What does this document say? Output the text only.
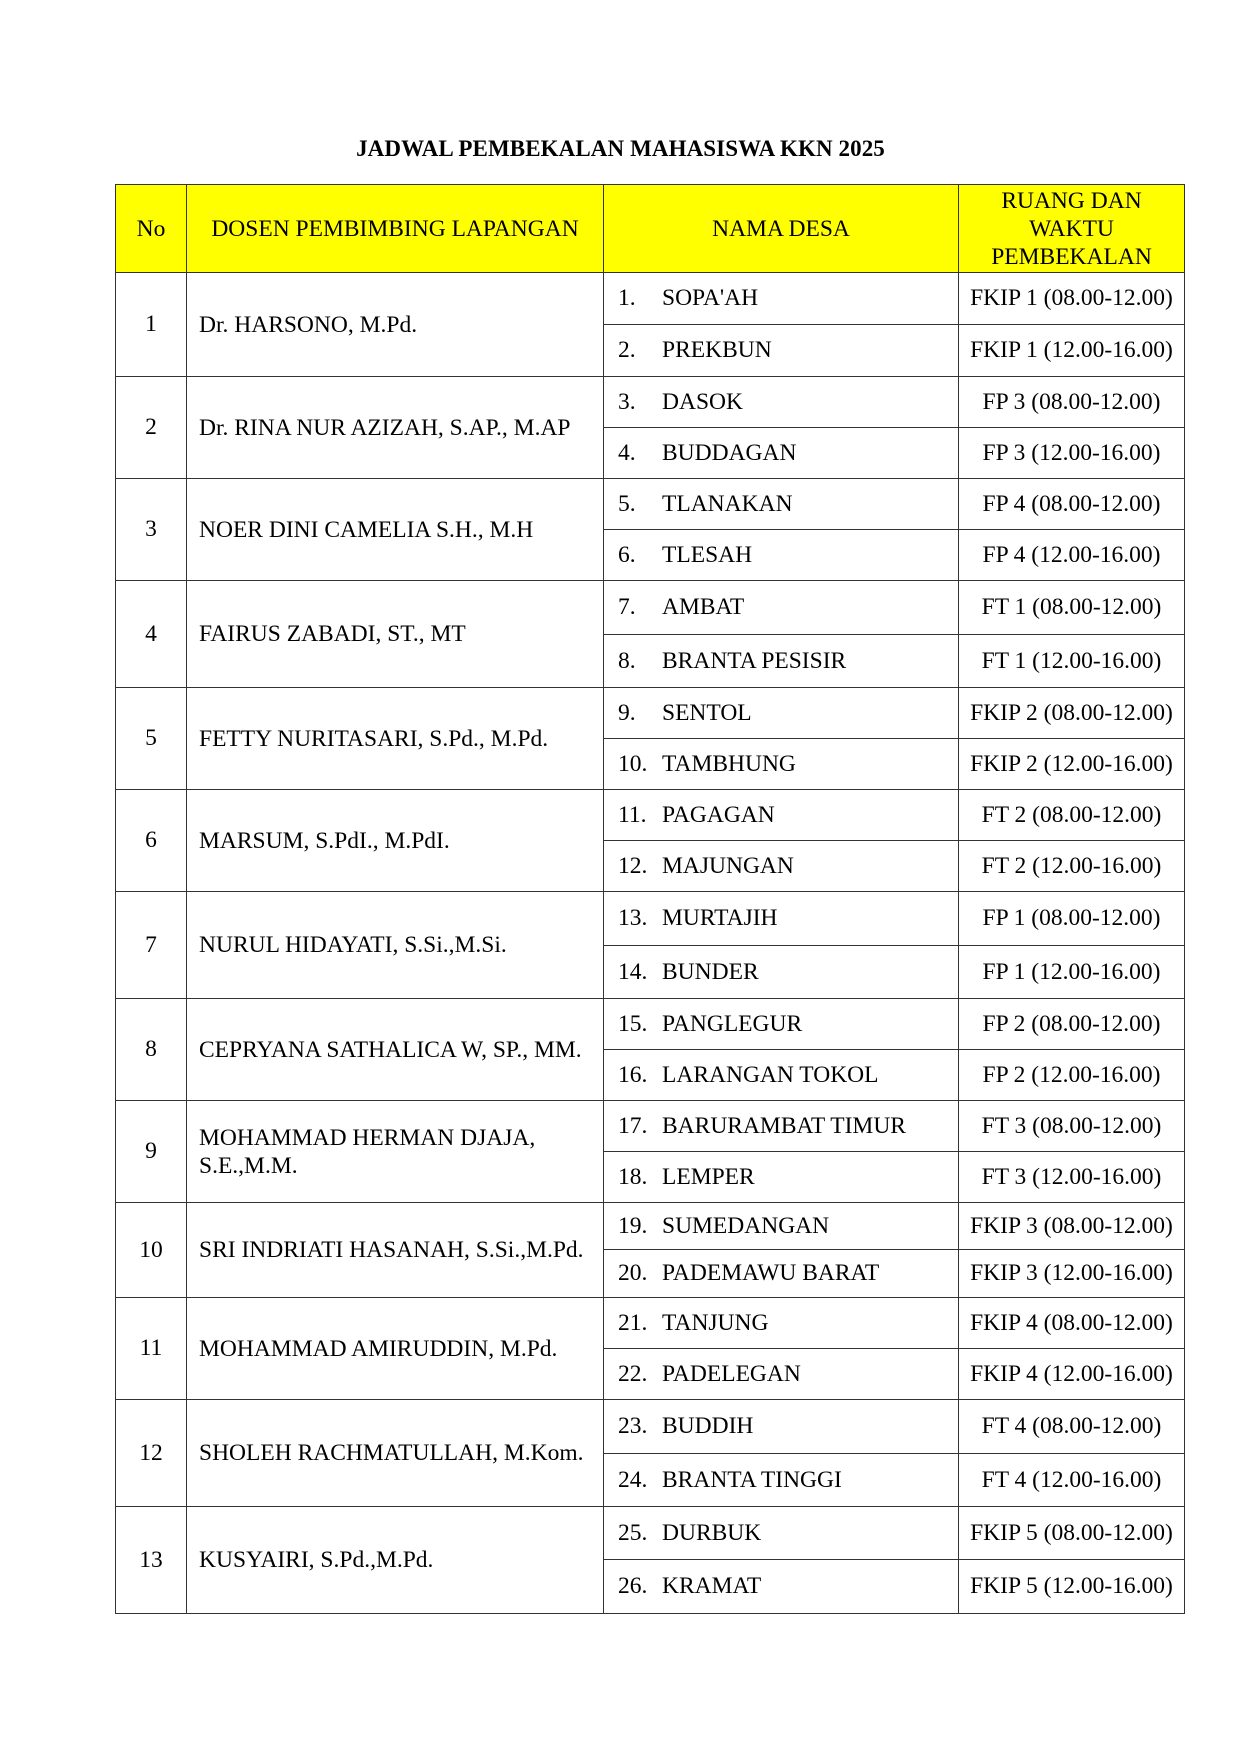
JADWAL PEMBEKALAN MAHASISWA KKN 2025
No	DOSEN PEMBIMBING LAPANGAN	NAMA DESA	RUANG DAN WAKTU PEMBEKALAN
1	Dr. HARSONO, M.Pd.	1. SOPA'AH	FKIP 1 (08.00-12.00)
		2. PREKBUN	FKIP 1 (12.00-16.00)
2	Dr. RINA NUR AZIZAH, S.AP., M.AP	3. DASOK	FP 3 (08.00-12.00)
		4. BUDDAGAN	FP 3 (12.00-16.00)
3	NOER DINI CAMELIA S.H., M.H	5. TLANAKAN	FP 4 (08.00-12.00)
		6. TLESAH	FP 4 (12.00-16.00)
4	FAIRUS ZABADI, ST., MT	7. AMBAT	FT 1 (08.00-12.00)
		8. BRANTA PESISIR	FT 1 (12.00-16.00)
5	FETTY NURITASARI, S.Pd., M.Pd.	9. SENTOL	FKIP 2 (08.00-12.00)
		10. TAMBHUNG	FKIP 2 (12.00-16.00)
6	MARSUM, S.PdI., M.PdI.	11. PAGAGAN	FT 2 (08.00-12.00)
		12. MAJUNGAN	FT 2 (12.00-16.00)
7	NURUL HIDAYATI, S.Si.,M.Si.	13. MURTAJIH	FP 1 (08.00-12.00)
		14. BUNDER	FP 1 (12.00-16.00)
8	CEPRYANA SATHALICA W, SP., MM.	15. PANGLEGUR	FP 2 (08.00-12.00)
		16. LARANGAN TOKOL	FP 2 (12.00-16.00)
9	MOHAMMAD HERMAN DJAJA, S.E.,M.M.	17. BARURAMBAT TIMUR	FT 3 (08.00-12.00)
		18. LEMPER	FT 3 (12.00-16.00)
10	SRI INDRIATI HASANAH, S.Si.,M.Pd.	19. SUMEDANGAN	FKIP 3 (08.00-12.00)
		20. PADEMAWU BARAT	FKIP 3 (12.00-16.00)
11	MOHAMMAD AMIRUDDIN, M.Pd.	21. TANJUNG	FKIP 4 (08.00-12.00)
		22. PADELEGAN	FKIP 4 (12.00-16.00)
12	SHOLEH RACHMATULLAH, M.Kom.	23. BUDDIH	FT 4 (08.00-12.00)
		24. BRANTA TINGGI	FT 4 (12.00-16.00)
13	KUSYAIRI, S.Pd.,M.Pd.	25. DURBUK	FKIP 5 (08.00-12.00)
		26. KRAMAT	FKIP 5 (12.00-16.00)
